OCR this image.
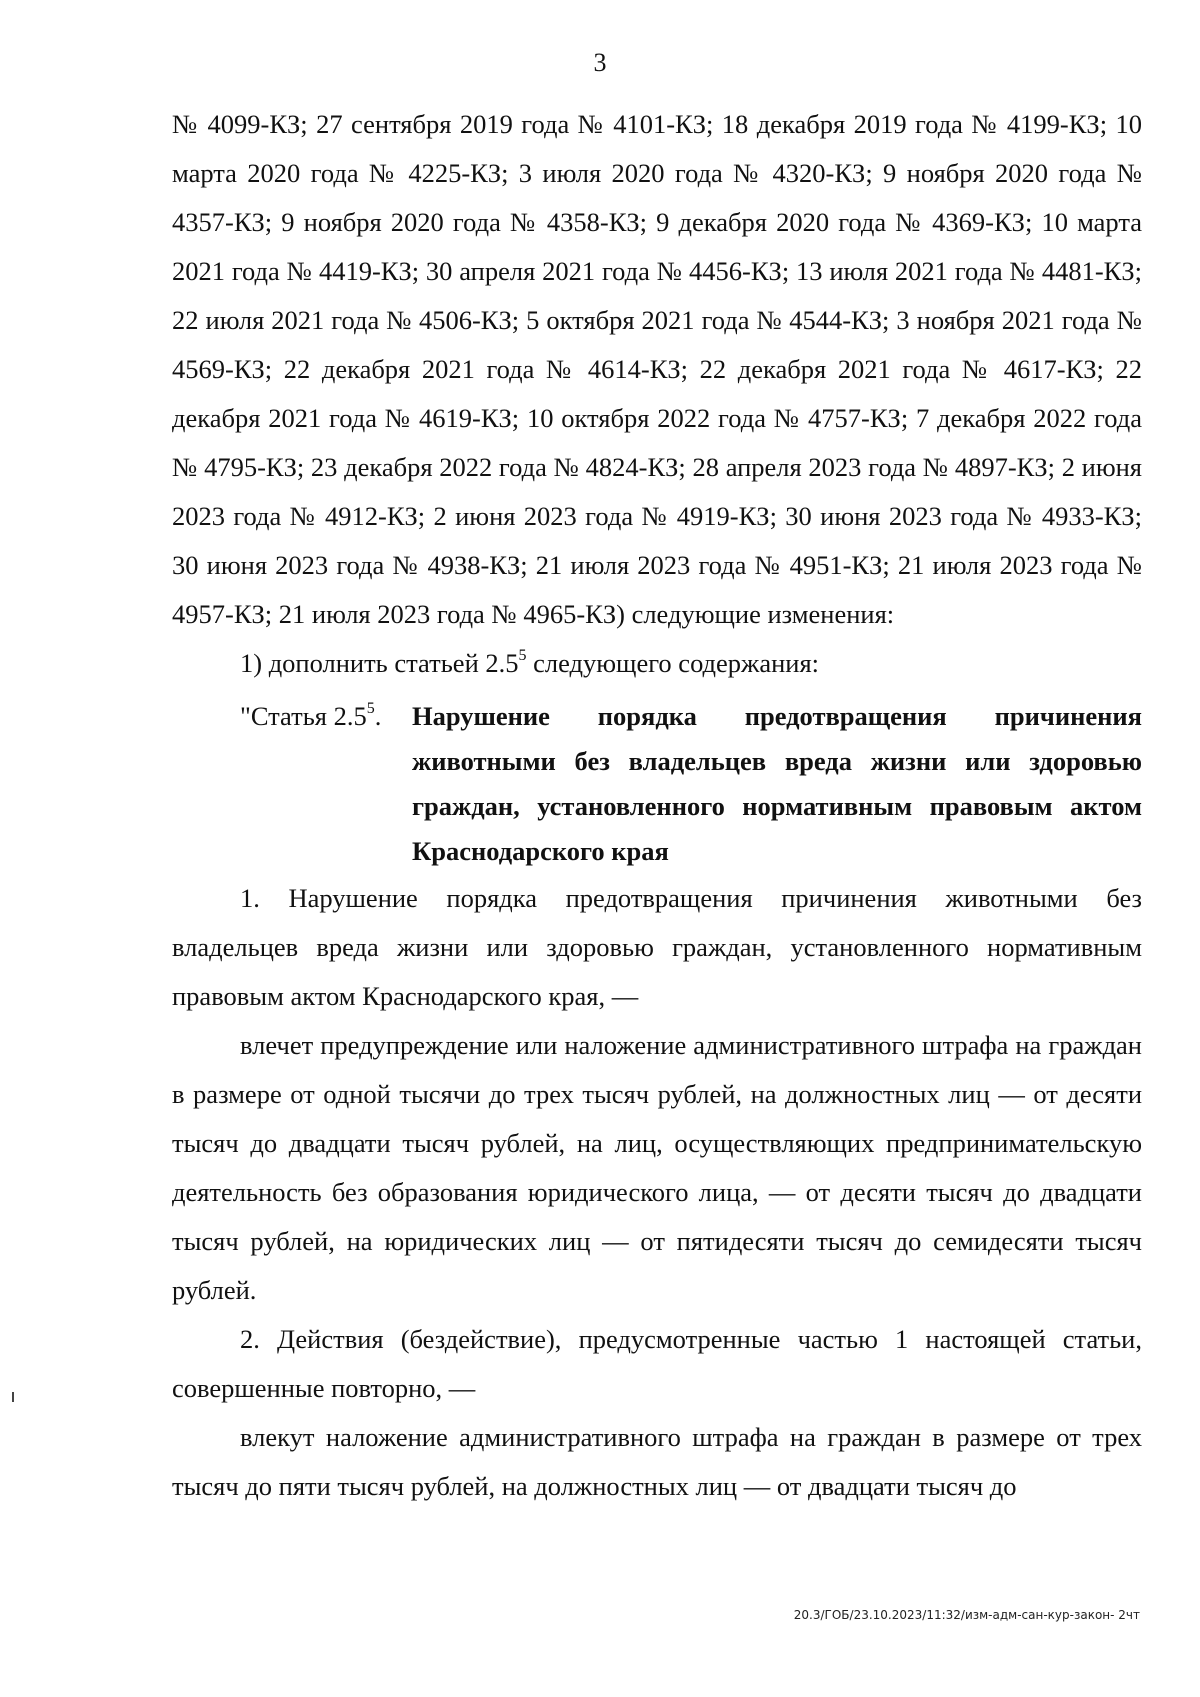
3

№ 4099-КЗ; 27 сентября 2019 года № 4101-КЗ; 18 декабря 2019 года № 4199-КЗ; 10 марта 2020 года № 4225-КЗ; 3 июля 2020 года № 4320-КЗ; 9 ноября 2020 года № 4357-КЗ; 9 ноября 2020 года № 4358-КЗ; 9 декабря 2020 года № 4369-КЗ; 10 марта 2021 года № 4419-КЗ; 30 апреля 2021 года № 4456-КЗ; 13 июля 2021 года № 4481-КЗ; 22 июля 2021 года № 4506-КЗ; 5 октября 2021 года № 4544-КЗ; 3 ноября 2021 года № 4569-КЗ; 22 декабря 2021 года № 4614-КЗ; 22 декабря 2021 года № 4617-КЗ; 22 декабря 2021 года № 4619-КЗ; 10 октября 2022 года № 4757-КЗ; 7 декабря 2022 года № 4795-КЗ; 23 декабря 2022 года № 4824-КЗ; 28 апреля 2023 года № 4897-КЗ; 2 июня 2023 года № 4912-КЗ; 2 июня 2023 года № 4919-КЗ; 30 июня 2023 года № 4933-КЗ; 30 июня 2023 года № 4938-КЗ; 21 июля 2023 года № 4951-КЗ; 21 июля 2023 года № 4957-КЗ; 21 июля 2023 года № 4965-КЗ) следующие изменения:

1) дополнить статьей $2.5^5$ следующего содержания:

"Статья $2.5^5$.	Нарушение порядка предотвращения причинения животными без владельцев вреда жизни или здоровью граждан, установленного нормативным правовым актом Краснодарского края

1. Нарушение порядка предотвращения причинения животными без владельцев вреда жизни или здоровью граждан, установленного нормативным правовым актом Краснодарского края, —

влечет предупреждение или наложение административного штрафа на граждан в размере от одной тысячи до трех тысяч рублей, на должностных лиц — от десяти тысяч до двадцати тысяч рублей, на лиц, осуществляющих предпринимательскую деятельность без образования юридического лица, — от десяти тысяч до двадцати тысяч рублей, на юридических лиц — от пятидесяти тысяч до семидесяти тысяч рублей.

2. Действия (бездействие), предусмотренные частью 1 настоящей статьи, совершенные повторно, —

влекут наложение административного штрафа на граждан в размере от трех тысяч до пяти тысяч рублей, на должностных лиц — от двадцати тысяч до

20.3/ГОБ/23.10.2023/11:32/изм-адм-сан-кур-закон- 2чт
